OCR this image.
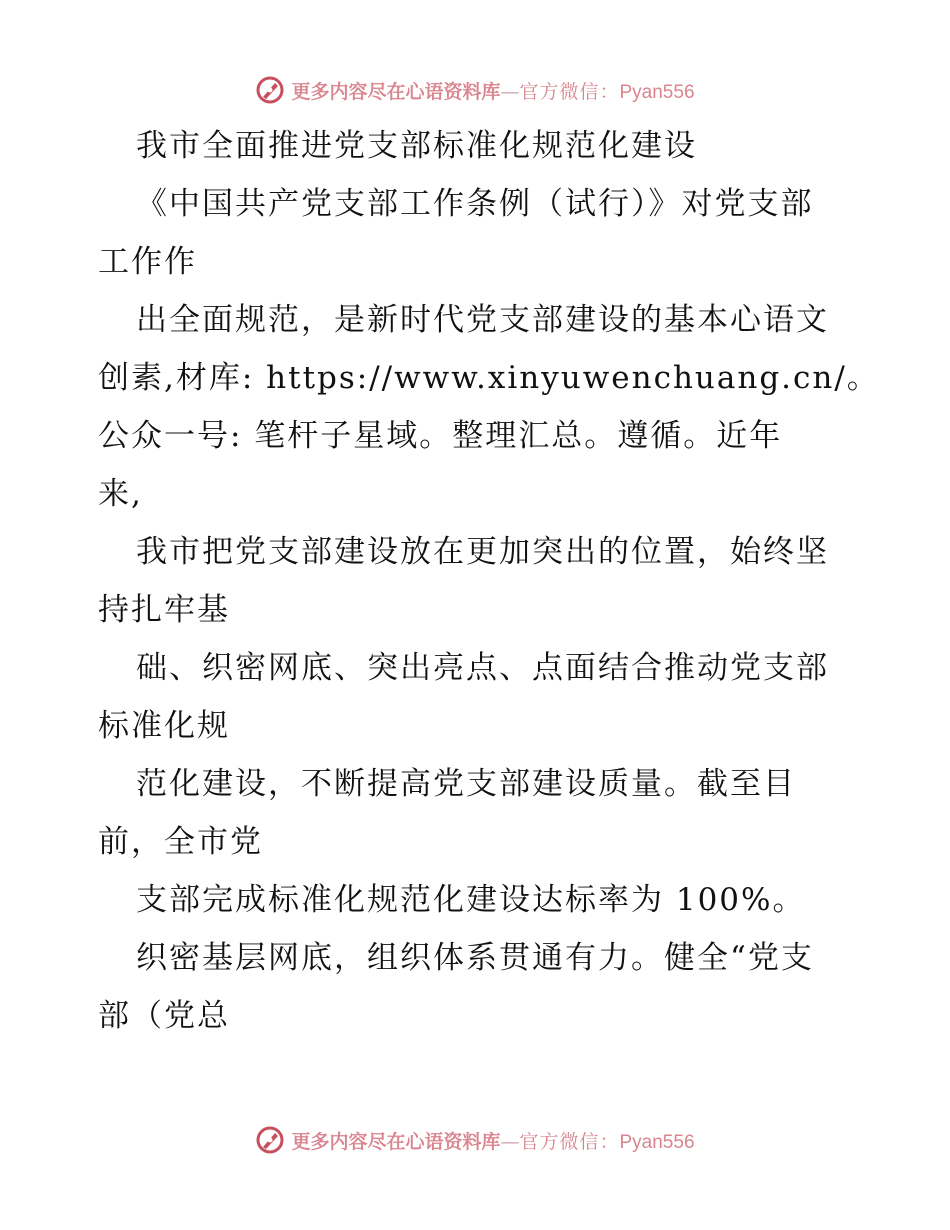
更多内容尽在心语资料库—官方微信：Pyan556
我市全面推进党支部标准化规范化建设
《中国共产党支部工作条例（试行）》对党支部
工作作
出全面规范，是新时代党支部建设的基本心语文
创素,材库: https://www.xinyuwenchuang.cn/。
公众一号: 笔杆子星域。整理汇总。遵循。近年
来,
我市把党支部建设放在更加突出的位置，始终坚
持扎牢基
础、织密网底、突出亮点、点面结合推动党支部
标准化规
范化建设，不断提高党支部建设质量。截至目
前，全市党
支部完成标准化规范化建设达标率为 100%。
织密基层网底，组织体系贯通有力。健全“党支
部（党总
更多内容尽在心语资料库—官方微信：Pyan556
